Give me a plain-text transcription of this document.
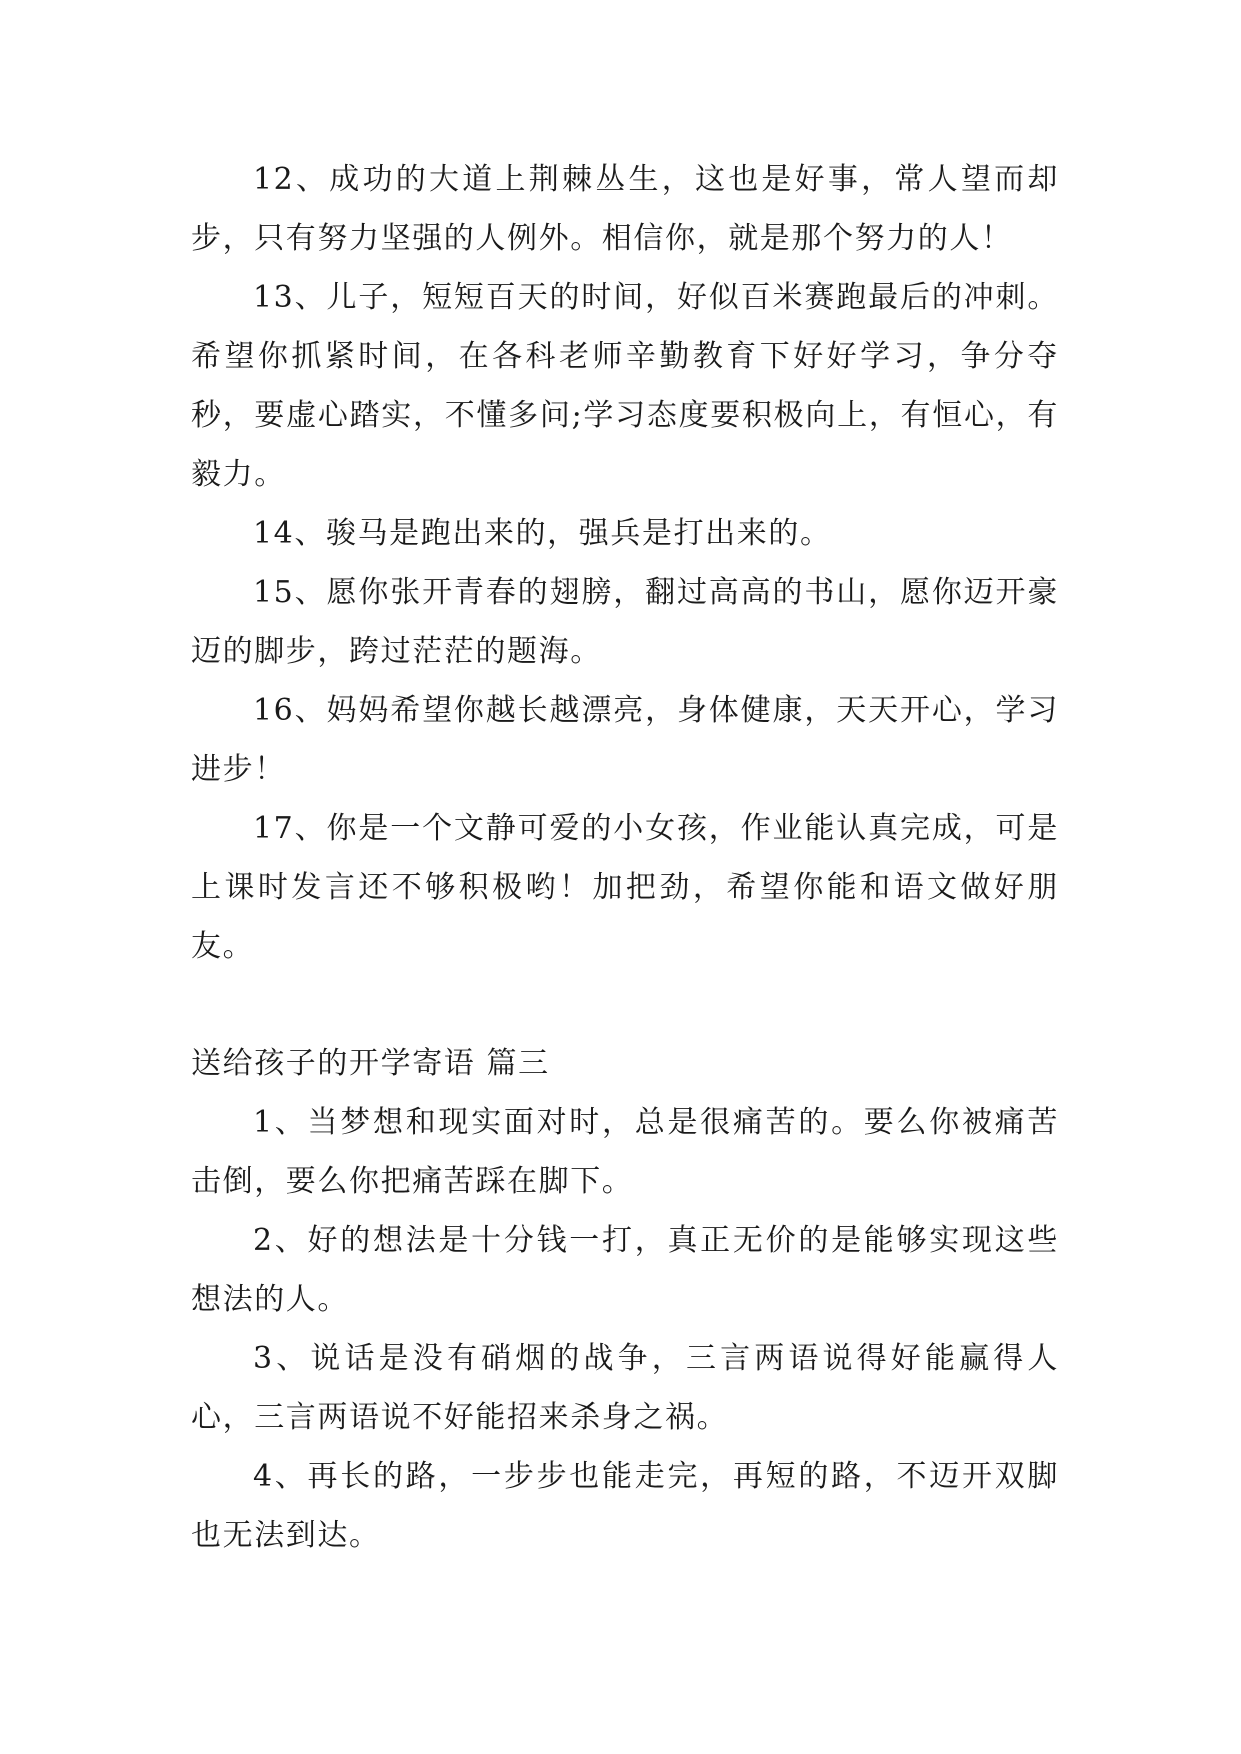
12、成功的大道上荆棘丛生，这也是好事，常人望而却步，只有努力坚强的人例外。相信你，就是那个努力的人！

13、儿子，短短百天的时间，好似百米赛跑最后的冲刺。希望你抓紧时间，在各科老师辛勤教育下好好学习，争分夺秒，要虚心踏实，不懂多问;学习态度要积极向上，有恒心，有毅力。

14、骏马是跑出来的，强兵是打出来的。

15、愿你张开青春的翅膀，翻过高高的书山，愿你迈开豪迈的脚步，跨过茫茫的题海。

16、妈妈希望你越长越漂亮，身体健康，天天开心，学习进步！

17、你是一个文静可爱的小女孩，作业能认真完成，可是上课时发言还不够积极哟！加把劲，希望你能和语文做好朋友。

送给孩子的开学寄语 篇三

1、当梦想和现实面对时，总是很痛苦的。要么你被痛苦击倒，要么你把痛苦踩在脚下。

2、好的想法是十分钱一打，真正无价的是能够实现这些想法的人。

3、说话是没有硝烟的战争，三言两语说得好能赢得人心，三言两语说不好能招来杀身之祸。

4、再长的路，一步步也能走完，再短的路，不迈开双脚也无法到达。
